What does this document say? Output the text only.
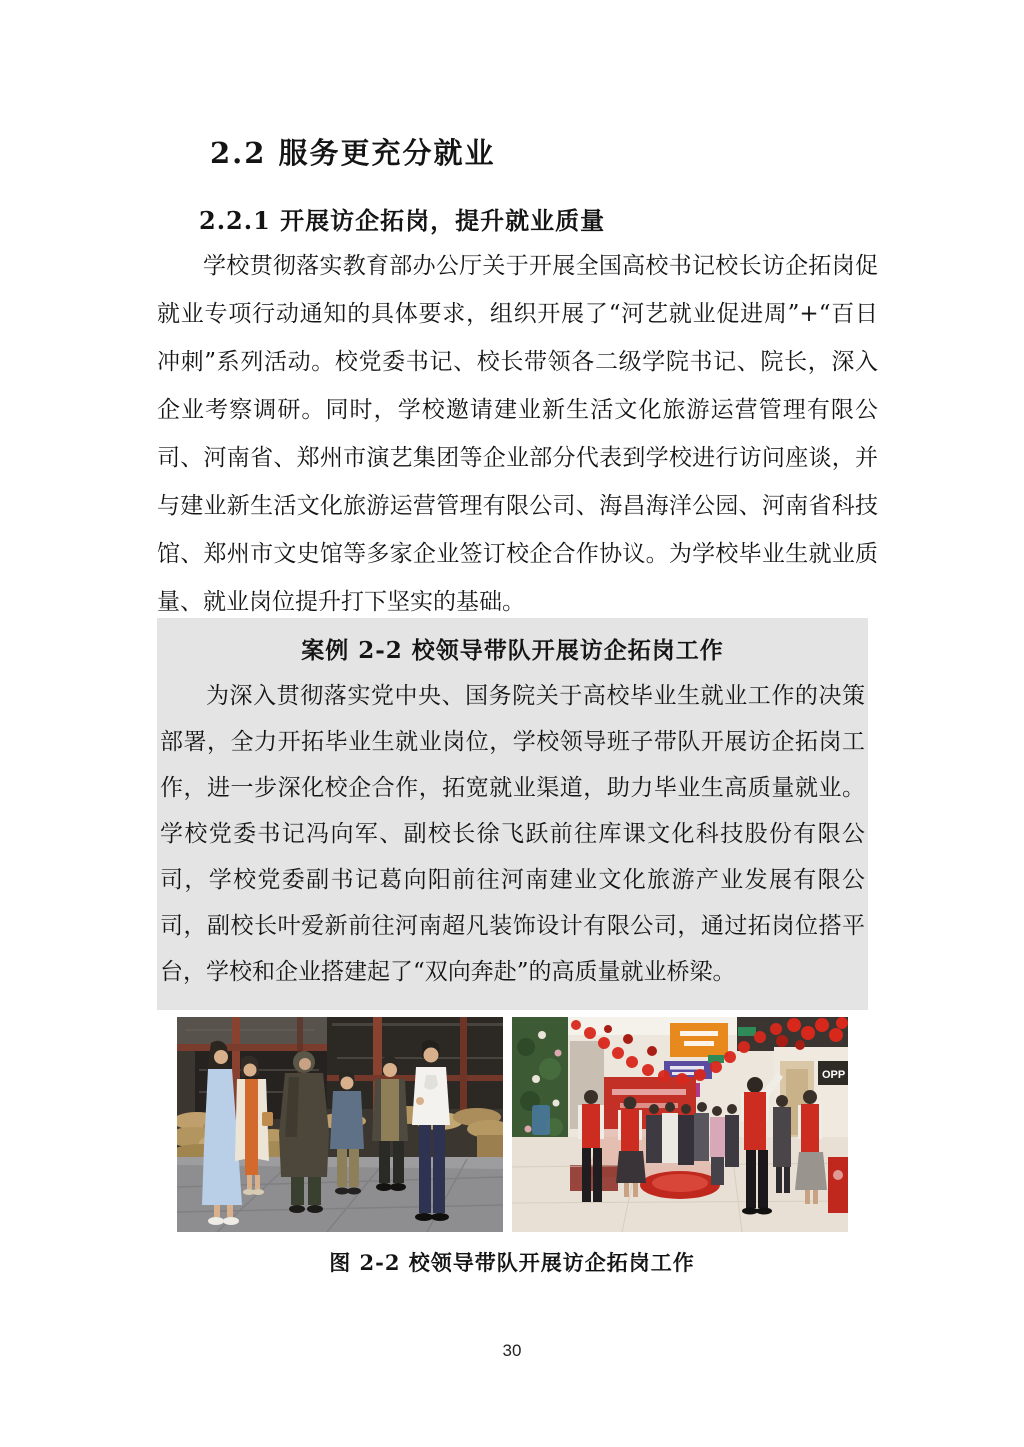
2.2 服务更充分就业
2.2.1 开展访企拓岗，提升就业质量

学校贯彻落实教育部办公厅关于开展全国高校书记校长访企拓岗促就业专项行动通知的具体要求，组织开展了“河艺就业促进周”+“百日冲刺”系列活动。校党委书记、校长带领各二级学院书记、院长，深入企业考察调研。同时，学校邀请建业新生活文化旅游运营管理有限公司、河南省、郑州市演艺集团等企业部分代表到学校进行访问座谈，并与建业新生活文化旅游运营管理有限公司、海昌海洋公园、河南省科技馆、郑州市文史馆等多家企业签订校企合作协议。为学校毕业生就业质量、就业岗位提升打下坚实的基础。

案例 2-2 校领导带队开展访企拓岗工作

为深入贯彻落实党中央、国务院关于高校毕业生就业工作的决策部署，全力开拓毕业生就业岗位，学校领导班子带队开展访企拓岗工作，进一步深化校企合作，拓宽就业渠道，助力毕业生高质量就业。学校党委书记冯向军、副校长徐飞跃前往库课文化科技股份有限公司，学校党委副书记葛向阳前往河南建业文化旅游产业发展有限公司，副校长叶爱新前往河南超凡装饰设计有限公司，通过拓岗位搭平台，学校和企业搭建起了“双向奔赴”的高质量就业桥梁。

OPP
图 2-2 校领导带队开展访企拓岗工作
30
